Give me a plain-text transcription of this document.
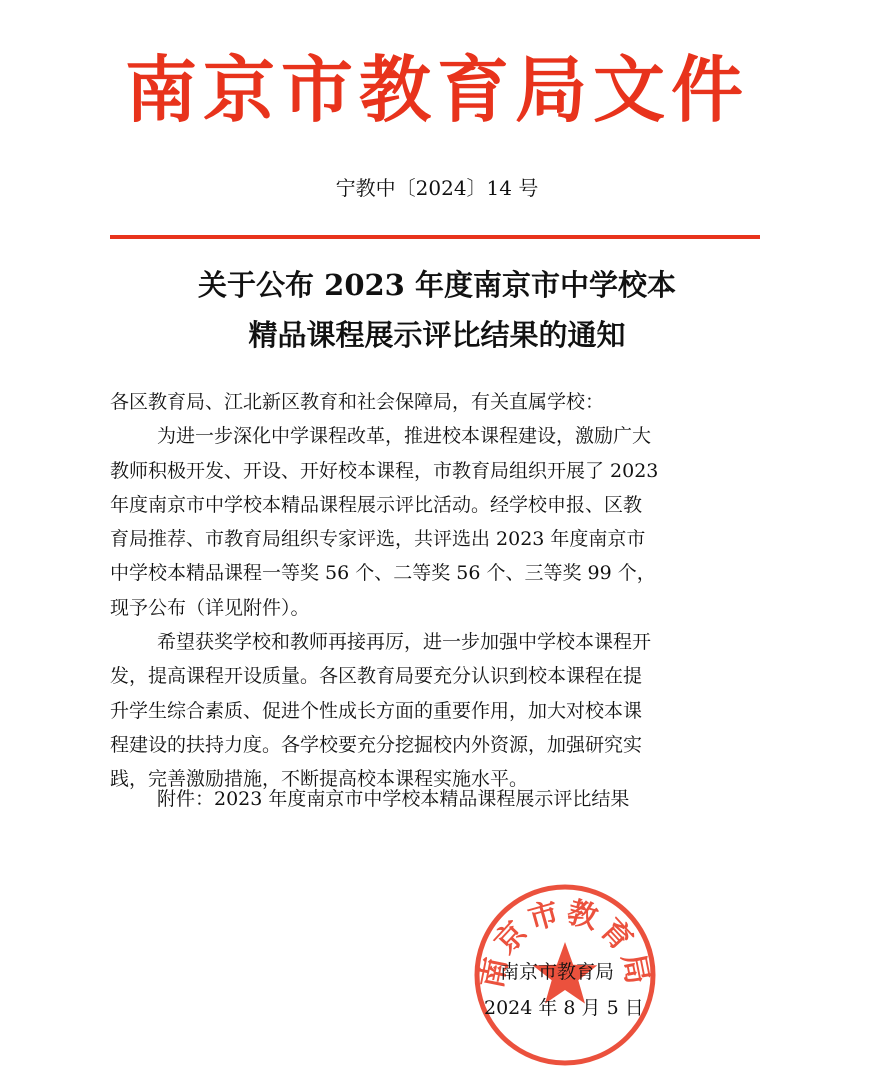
南京市教育局文件
宁教中〔2024〕14 号
关于公布 2023 年度南京市中学校本
精品课程展示评比结果的通知
各区教育局、江北新区教育和社会保障局，有关直属学校：
为进一步深化中学课程改革，推进校本课程建设，激励广大
教师积极开发、开设、开好校本课程，市教育局组织开展了 2023
年度南京市中学校本精品课程展示评比活动。经学校申报、区教
育局推荐、市教育局组织专家评选，共评选出 2023 年度南京市
中学校本精品课程一等奖 56 个、二等奖 56 个、三等奖 99 个，
现予公布（详见附件）。
希望获奖学校和教师再接再厉，进一步加强中学校本课程开
发，提高课程开设质量。各区教育局要充分认识到校本课程在提
升学生综合素质、促进个性成长方面的重要作用，加大对校本课
程建设的扶持力度。各学校要充分挖掘校内外资源，加强研究实
践，完善激励措施，不断提高校本课程实施水平。
附件：2023 年度南京市中学校本精品课程展示评比结果
南京市教育局
南京市教育局
2024 年 8 月 5 日
